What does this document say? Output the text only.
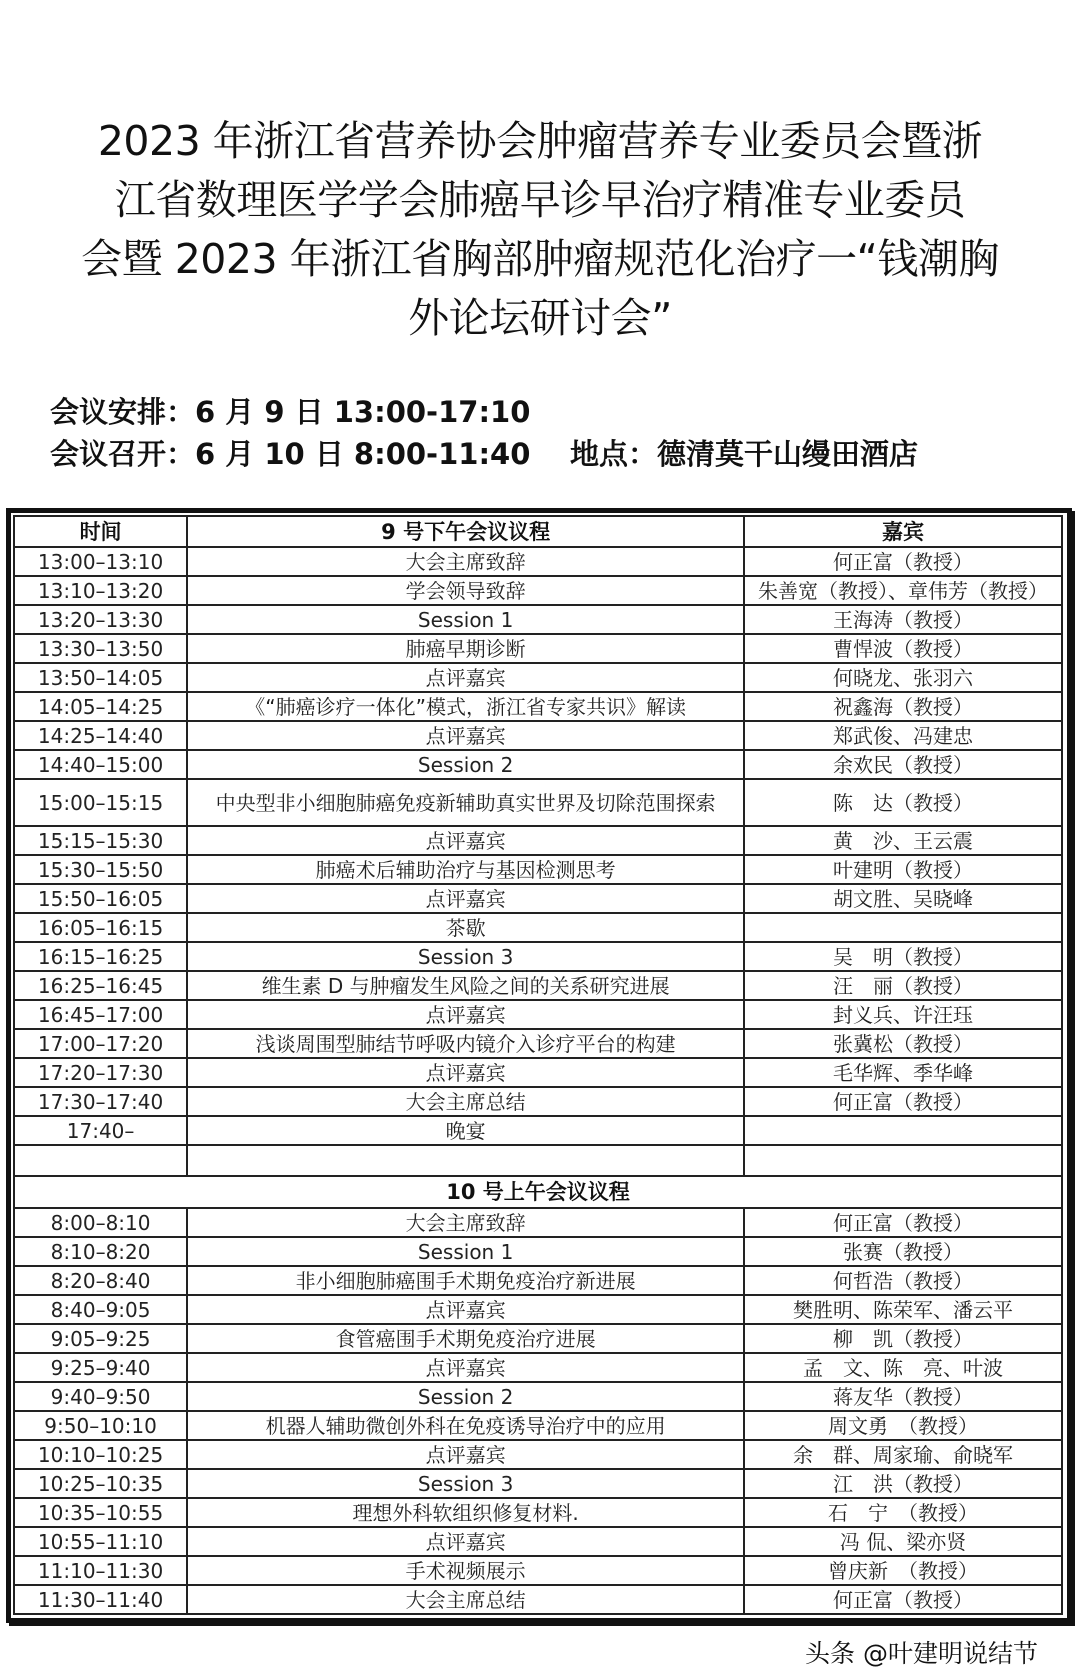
2023 年浙江省营养协会肿瘤营养专业委员会暨浙
江省数理医学学会肺癌早诊早治疗精准专业委员
会暨 2023 年浙江省胸部肿瘤规范化治疗一“钱潮胸
外论坛研讨会”
会议安排：6 月 9 日 13:00-17:10
会议召开：6 月 10 日 8:00-11:40 地点：德清莫干山缦田酒店
时间	9 号下午会议议程	嘉宾
13:00–13:10	大会主席致辞	何正富（教授）
13:10–13:20	学会领导致辞	朱善宽（教授）、章伟芳（教授）
13:20–13:30	Session 1	王海涛（教授）
13:30–13:50	肺癌早期诊断	曹悍波（教授）
13:50–14:05	点评嘉宾	何晓龙、张羽六
14:05–14:25	《“肺癌诊疗一体化”模式，浙江省专家共识》解读	祝鑫海（教授）
14:25–14:40	点评嘉宾	郑武俊、冯建忠
14:40–15:00	Session 2	余欢民（教授）
15:00–15:15	中央型非小细胞肺癌免疫新辅助真实世界及切除范围探索	陈　达（教授）
15:15–15:30	点评嘉宾	黄　沙、王云震
15:30–15:50	肺癌术后辅助治疗与基因检测思考	叶建明（教授）
15:50–16:05	点评嘉宾	胡文胜、吴晓峰
16:05–16:15	茶歇	
16:15–16:25	Session 3	吴　明（教授）
16:25–16:45	维生素 D 与肿瘤发生风险之间的关系研究进展	汪　丽（教授）
16:45–17:00	点评嘉宾	封义兵、许汪珏
17:00–17:20	浅谈周围型肺结节呼吸内镜介入诊疗平台的构建	张冀松（教授）
17:20–17:30	点评嘉宾	毛华辉、季华峰
17:30–17:40	大会主席总结	何正富（教授）
17:40–	晚宴	

10 号上午会议议程		
8:00–8:10	大会主席致辞	何正富（教授）
8:10–8:20	Session 1	张赛（教授）
8:20–8:40	非小细胞肺癌围手术期免疫治疗新进展	何哲浩（教授）
8:40–9:05	点评嘉宾	樊胜明、陈荣军、潘云平
9:05–9:25	食管癌围手术期免疫治疗进展	柳　凯（教授）
9:25–9:40	点评嘉宾	孟　文、陈　亮、叶波
9:40–9:50	Session 2	蒋友华（教授）
9:50–10:10	机器人辅助微创外科在免疫诱导治疗中的应用	周文勇　（教授）
10:10–10:25	点评嘉宾	余　群、周家瑜、俞晓军
10:25–10:35	Session 3	江　洪（教授）
10:35–10:55	理想外科软组织修复材料.	石　宁　（教授）
10:55–11:10	点评嘉宾	冯 侃、梁亦贤
11:10–11:30	手术视频展示	曾庆新　（教授）
11:30–11:40	大会主席总结	何正富（教授）
头条 @叶建明说结节
